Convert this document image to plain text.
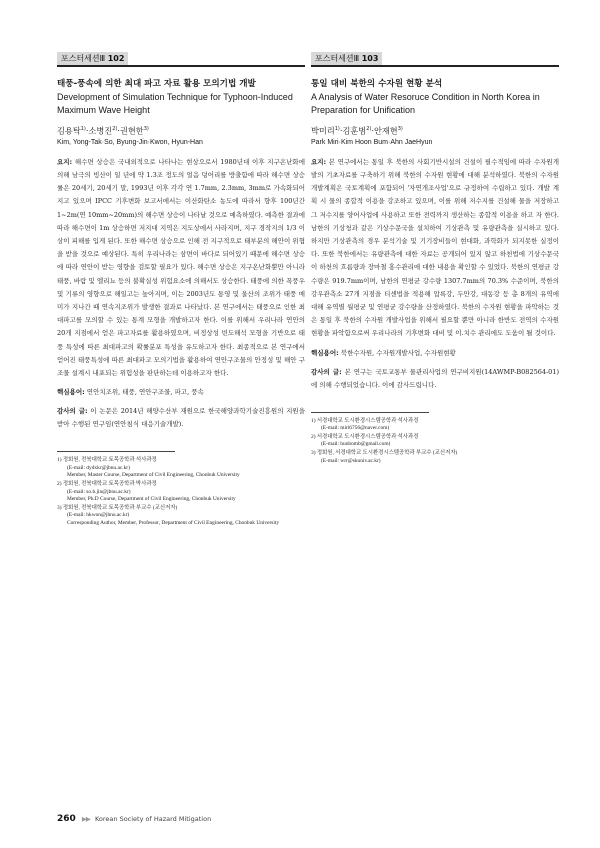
포스터세션Ⅲ 102
태풍-풍속에 의한 최대 파고 자료 활용 모의기법 개발
Development of Simulation Technique for Typhoon-Induced Maximum Wave Height
김용탁$^{1)}$·소병진$^{2)}$·권현한$^{3)}$
Kim, Yong-Tak·So, Byung-Jin·Kwon, Hyun-Han
요지: 해수면 상승은 국내외적으로 나타나는 현상으로서 1980년대 이후 지구온난화에 의해 남극의 빙산이 일 년에 약 1.3조 정도의 얼음 덩어리를 방출함에 따라 해수면 상승률은 20세기, 20세기 말, 1993년 이후 각각 연 1.7mm, 2.3mm, 3mm로 가속화되어지고 있으며 IPCC 기후변화 보고서에서는 이산화탄소 농도에 따라서 향후 100년간 1~2m(연 10mm~20mm)의 해수면 상승이 나타날 것으로 예측하였다. 예측한 결과에 따라 해수면이 1m 상승하면 저지대 지역은 지도상에서 사라지며, 지구 경작지의 1/3 이상이 피해를 입게 된다. 또한 해수면 상승으로 인해 전 지구적으로 태부분의 해안이 위협을 받을 것으로 예상된다. 특히 우리나라는 삼면이 바다로 되어있기 때문에 해수면 상승에 따라 연안이 받는 영향을 검토할 필요가 있다. 해수면 상승은 지구온난화뿐만 아니라 태풍, 바람 및 엘리뇨 등의 불확실성 위험요소에 의해서도 상승한다. 태풍에 의한 폭풍우 및 기류의 영향으로 해일고는 높아지며, 이는 2003년도 통영 및 울산의 조위가 태풍 매미가 지나간 때 연속지조위가 발생한 결과로 나타났다. 본 연구에서는 태풍으로 인한 최대파고를 모의할 수 있는 통계 모형을 개발하고자 한다. 이를 위해서 우리나라 연안의 20개 지점에서 얻은 파고자료를 활용하였으며, 비정상성 빈도해석 모형을 기반으로 태풍 특성에 따른 최대파고의 확률분포 특성을 유도하고자 한다. 최종적으로 본 연구에서 얻어진 태풍특성에 따른 최대파고 모의기법을 활용하여 연안구조물의 안정성 및 해안 구조물 설계시 내포되는 위험성을 판단하는데 이용하고자 한다.
핵심용어: 연안치조위, 태풍, 연안구조물, 파고, 풍속
감사의 글: 이 논문은 2014년 해양수산부 재원으로 한국해양과학기술진흥원의 지원을 받아 수행된 연구임(연안침식 대응기술개발).
1) 정회원, 전북대학교 토목공학과 석사과정
(E-mail: dydxkr@jbnu.ac.kr)
Member, Master Course, Department of Civil Engineering, Chonbuk University
2) 정회원, 전북대학교 토목공학과 박사과정
(E-mail: so.b.jin@jbnu.ac.kr)
Member, Ph.D Course, Department of Civil Engineering, Chonbuk University
3) 정회원, 전북대학교 토목공학과 부교수 (교신저자)
(E-mail: hkwon@jbnu.ac.kr)
Corresponding Author, Member, Professor, Department of Civil Engineering, Chonbuk University
포스터세션Ⅲ 103
통일 대비 북한의 수자원 현황 분석
A Analysis of Water Resoruce Condition in North Korea in Preparation for Unification
박미리$^{1)}$·김훈범$^{2)}$·안재현$^{3)}$
Park Miri·Kim Hoon Bum·Ahn JaeHyun
요지: 본 연구에서는 통일 후 북한의 사회기반시설의 건설이 필수적임에 따라 수자원개발의 기초자료를 구축하기 위해 북한의 수자원 현황에 대해 분석하였다. 북한의 수자원 개발계획은 국토계획에 포함되어 '자연개조사업'으로 규정하여 수립하고 있다. 개발 계획 시 물의 종합적 이용을 강조하고 있으며, 이를 위해 저수지를 건설해 물을 저장하고 그 저수지를 양어사업에 사용하고 또한 전력까지 생산하는 종합적 이용을 하고 자 한다. 남한의 기상청과 같은 기상수문국을 설치하여 기상관측 및 유량관측을 실시하고 있다. 하지만 기상관측의 경우 분석기술 및 기기장비들이 현대화, 과학화가 되지못한 실정이다. 또한 북한에서는 유량관측에 대한 자료는 공개되어 있지 않고 하천법에 기상수문국이 하천의 흐름량과 장마철 홍수관리에 대한 내용을 확인할 수 있었다. 북한의 연평균 강수량은 919.7mm이며, 남한의 연평균 강수량 1307.7mm의 70.3% 수준이며, 북한의 강우관측소 27개 지점을 티센법을 적용해 압록강, 두만강, 대동강 등 총 8개의 유역에 대해 유역별 월평균 및 연평균 강수량을 산정하였다. 북한의 수자원 현황을 파악하는 것은 통일 후 북한의 수자원 개발사업을 위해서 필요할 뿐만 아니라 한반도 전역의 수자원 현황을 파악함으로써 우리나라의 기후변화 대비 및 이.치수 관리에도 도움이 될 것이다.
핵심용어: 북한수자원, 수자원개발사업, 수자원현황
감사의 글: 본 연구는 국토교통부 물관리사업의 연구비지원(14AWMP-B082564-01)에 의해 수행되었습니다. 이에 감사드립니다.
1) 서경대학교 도시환경시스템공학과 석사과정
(E-mail: miri6756@naver.com)
2) 서경대학교 도시환경시스템공학과 석사과정
(E-mail: hunbomb@gmail.com)
3) 정회원, 서경대학교 도시환경시스템공학과 부교수 (교신저자)
(E-mail: wrr@skuniv.ac.kr)
260 ▶▶ Korean Society of Hazard Mitigation
